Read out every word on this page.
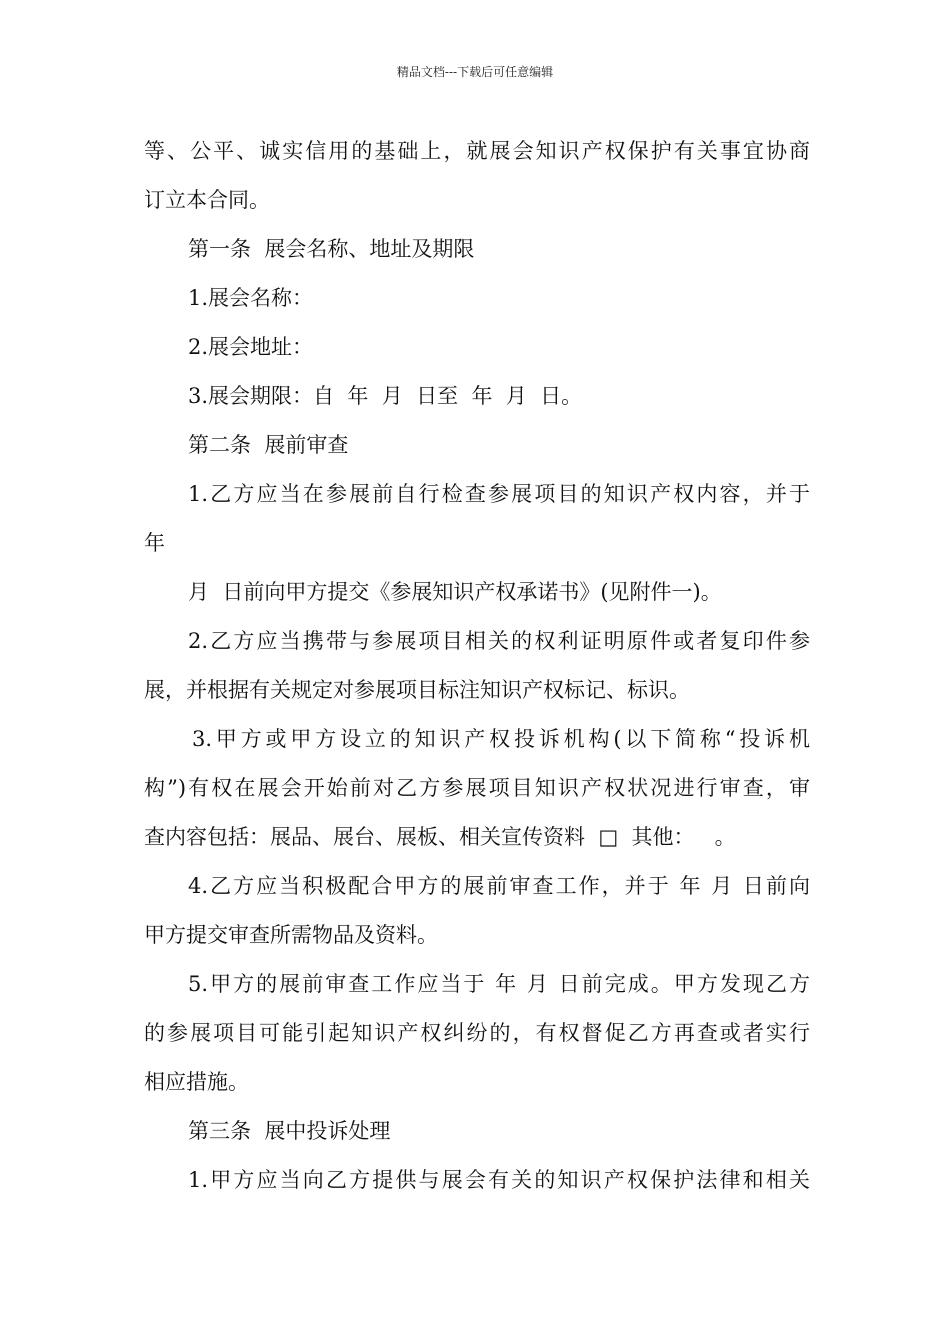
精品文档---下载后可任意编辑
等、公平、诚实信用的基础上，就展会知识产权保护有关事宜协商
订立本合同。
第一条  展会名称、地址及期限
1.展会名称：
2.展会地址：
3.展会期限：自  年  月  日至  年  月  日。
第二条  展前审查
1.乙方应当在参展前自行检查参展项目的知识产权内容，并于
年
月  日前向甲方提交《参展知识产权承诺书》(见附件一)。
2.乙方应当携带与参展项目相关的权利证明原件或者复印件参
展，并根据有关规定对参展项目标注知识产权标记、标识。
3.甲方或甲方设立的知识产权投诉机构(以下简称“投诉机
构”)有权在展会开始前对乙方参展项目知识产权状况进行审查，审
查内容包括：展品、展台、展板、相关宣传资料  □  其他：   。
4.乙方应当积极配合甲方的展前审查工作，并于 年 月 日前向
甲方提交审查所需物品及资料。
5.甲方的展前审查工作应当于 年 月 日前完成。甲方发现乙方
的参展项目可能引起知识产权纠纷的，有权督促乙方再查或者实行
相应措施。
第三条  展中投诉处理
1.甲方应当向乙方提供与展会有关的知识产权保护法律和相关
